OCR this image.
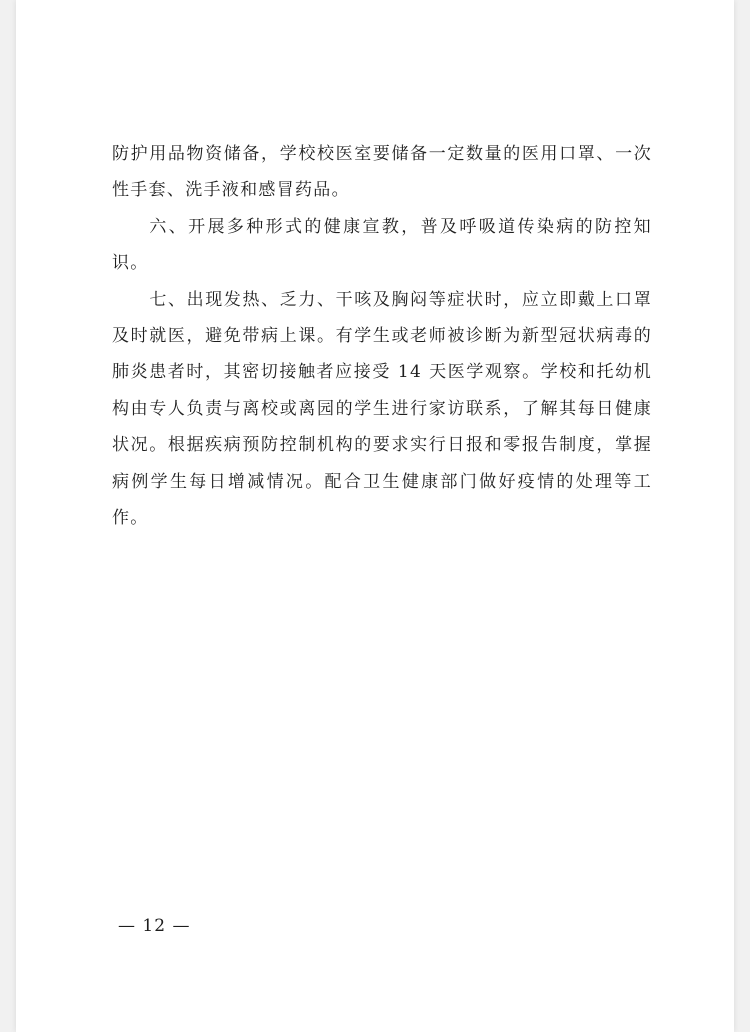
防护用品物资储备，学校校医室要储备一定数量的医用口罩、一次性手套、洗手液和感冒药品。

六、开展多种形式的健康宣教，普及呼吸道传染病的防控知识。

七、出现发热、乏力、干咳及胸闷等症状时，应立即戴上口罩及时就医，避免带病上课。有学生或老师被诊断为新型冠状病毒的肺炎患者时，其密切接触者应接受 14 天医学观察。学校和托幼机构由专人负责与离校或离园的学生进行家访联系，了解其每日健康状况。根据疾病预防控制机构的要求实行日报和零报告制度，掌握病例学生每日增减情况。配合卫生健康部门做好疫情的处理等工作。

— 12 —
